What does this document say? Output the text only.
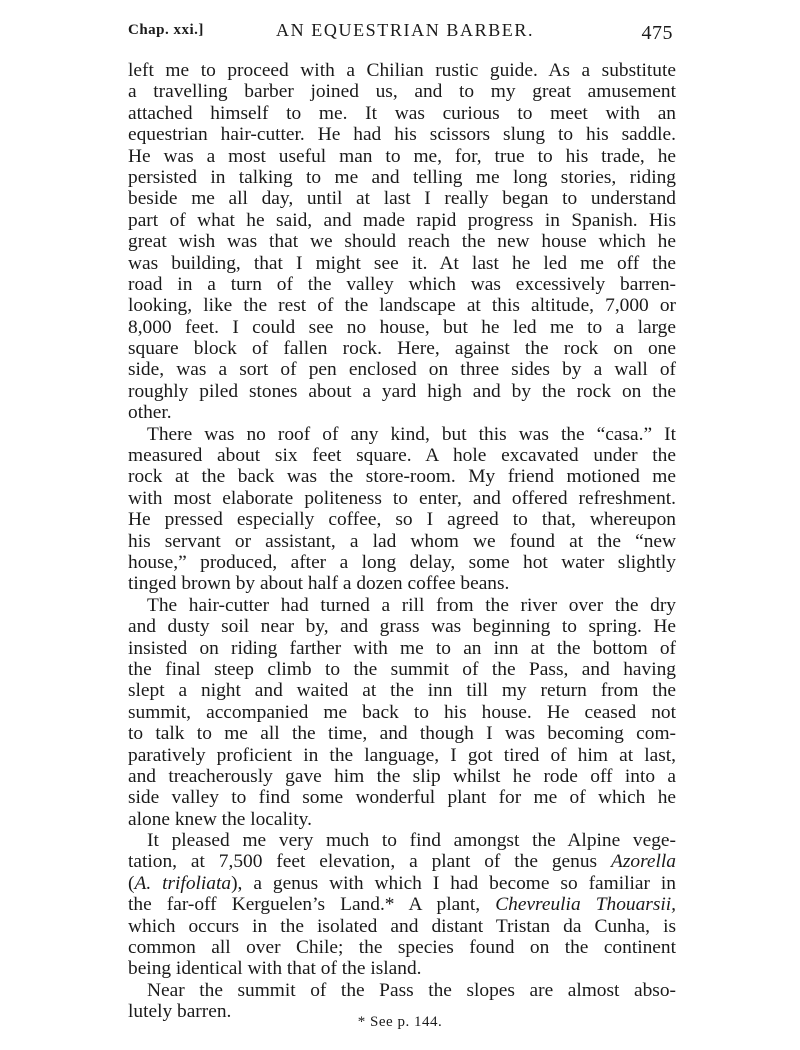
Chap. xxi.]	AN EQUESTRIAN BARBER.	475
left me to proceed with a Chilian rustic guide. As a substitute
a travelling barber joined us, and to my great amusement
attached himself to me. It was curious to meet with an
equestrian hair-cutter. He had his scissors slung to his saddle.
He was a most useful man to me, for, true to his trade, he
persisted in talking to me and telling me long stories, riding
beside me all day, until at last I really began to understand
part of what he said, and made rapid progress in Spanish. His
great wish was that we should reach the new house which he
was building, that I might see it. At last he led me off the
road in a turn of the valley which was excessively barren-
looking, like the rest of the landscape at this altitude, 7,000 or
8,000 feet. I could see no house, but he led me to a large
square block of fallen rock. Here, against the rock on one
side, was a sort of pen enclosed on three sides by a wall of
roughly piled stones about a yard high and by the rock on the
other.
There was no roof of any kind, but this was the “casa.” It
measured about six feet square. A hole excavated under the
rock at the back was the store-room. My friend motioned me
with most elaborate politeness to enter, and offered refreshment.
He pressed especially coffee, so I agreed to that, whereupon
his servant or assistant, a lad whom we found at the “new
house,” produced, after a long delay, some hot water slightly
tinged brown by about half a dozen coffee beans.
The hair-cutter had turned a rill from the river over the dry
and dusty soil near by, and grass was beginning to spring. He
insisted on riding farther with me to an inn at the bottom of
the final steep climb to the summit of the Pass, and having
slept a night and waited at the inn till my return from the
summit, accompanied me back to his house. He ceased not
to talk to me all the time, and though I was becoming com-
paratively proficient in the language, I got tired of him at last,
and treacherously gave him the slip whilst he rode off into a
side valley to find some wonderful plant for me of which he
alone knew the locality.
It pleased me very much to find amongst the Alpine vege-
tation, at 7,500 feet elevation, a plant of the genus Azorella
(A. trifoliata), a genus with which I had become so familiar in
the far-off Kerguelen’s Land.* A plant, Chevreulia Thouarsii,
which occurs in the isolated and distant Tristan da Cunha, is
common all over Chile; the species found on the continent
being identical with that of the island.
Near the summit of the Pass the slopes are almost abso-
lutely barren.	* See p. 144.
